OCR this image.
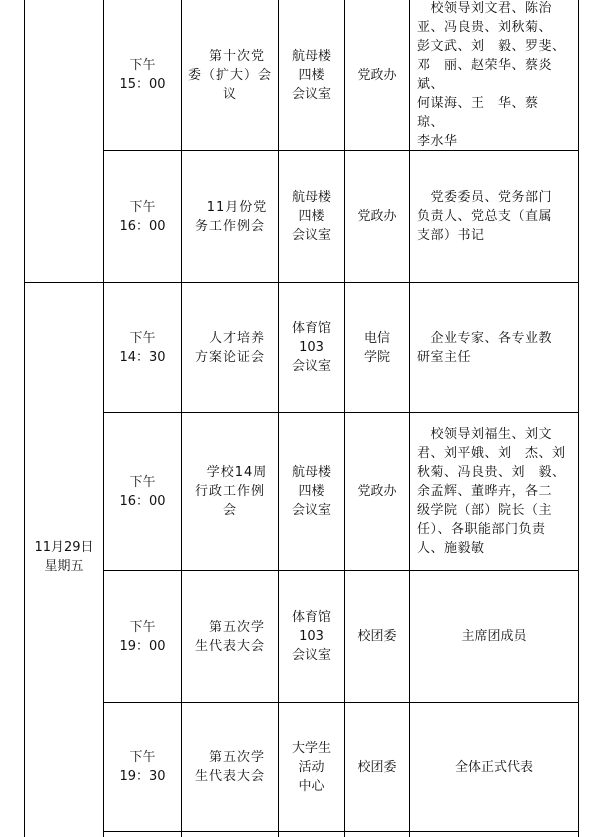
11月29日
星期五
下午
15：00
　第十次党
委（扩大）会
议
航母楼
四楼
会议室
党政办
　校领导刘文君、陈治
亚、冯良贵、刘秋菊、
彭文武、刘　毅、罗斐、
邓　丽、赵荣华、蔡炎斌、
何谋海、王　华、蔡　琼、
李水华
下午
16：00
　11月份党
务工作例会
航母楼
四楼
会议室
党政办
　党委委员、党务部门
负责人、党总支（直属
支部）书记
下午
14：30
　人才培养
方案论证会
体育馆
103
会议室
电信
学院
　企业专家、各专业教
研室主任
下午
16：00
　学校14周
行政工作例
会
航母楼
四楼
会议室
党政办
　校领导刘福生、刘文
君、刘平娥、刘　杰、刘
秋菊、冯良贵、刘　毅、
余孟辉、董晔卉，各二
级学院（部）院长（主
任）、各职能部门负责
人、施毅敏
下午
19：00
　第五次学
生代表大会
体育馆
103
会议室
校团委	主席团成员
下午
19：30
　第五次学
生代表大会
大学生
活动
中心
校团委	全体正式代表
